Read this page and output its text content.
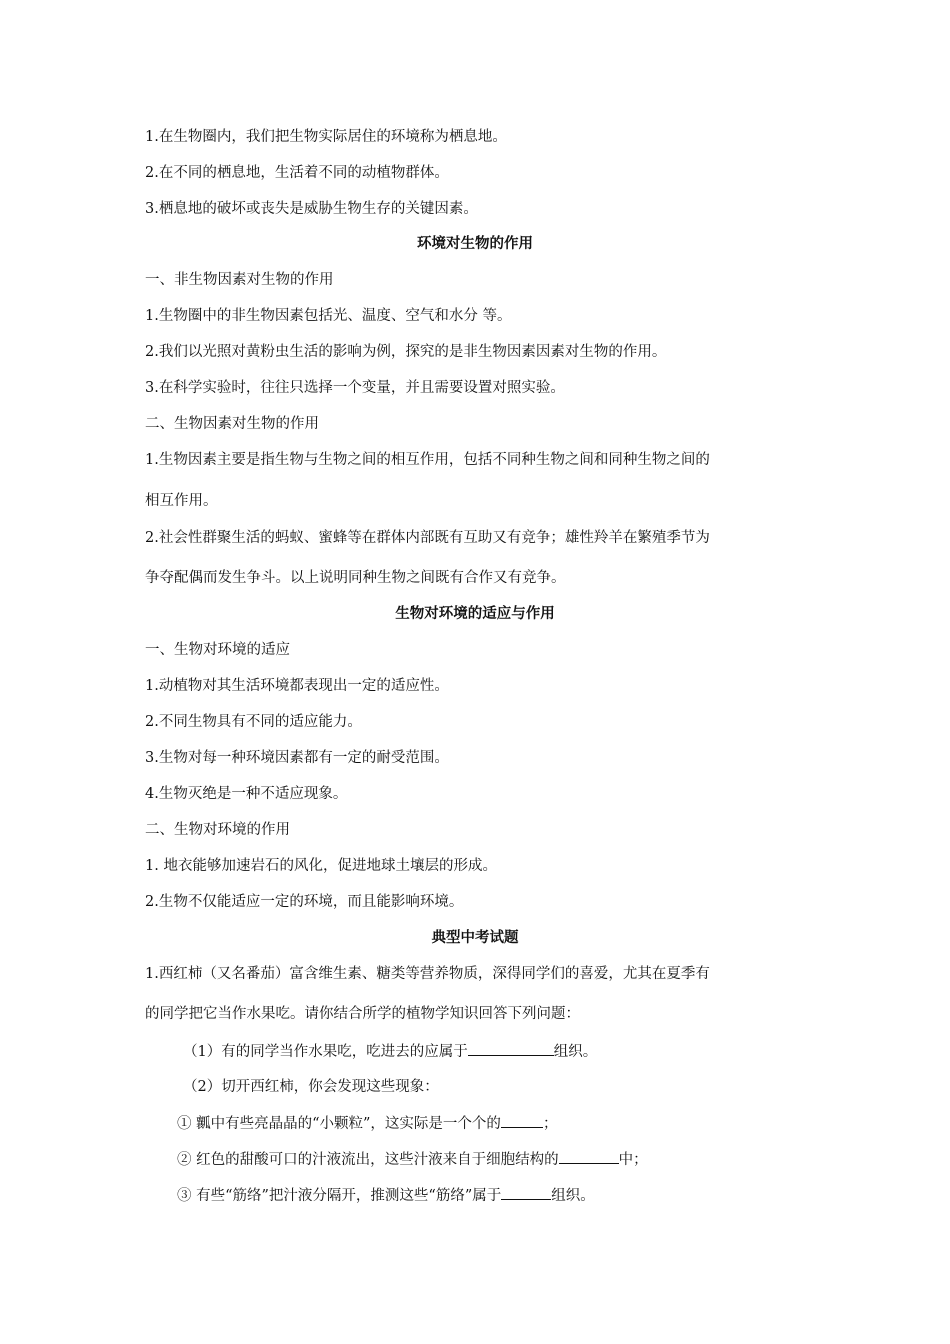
1.在生物圈内，我们把生物实际居住的环境称为栖息地。
2.在不同的栖息地，生活着不同的动植物群体。
3.栖息地的破坏或丧失是威胁生物生存的关键因素。
环境对生物的作用
一、非生物因素对生物的作用
1.生物圈中的非生物因素包括光、温度、空气和水分 等。
2.我们以光照对黄粉虫生活的影响为例，探究的是非生物因素因素对生物的作用。
3.在科学实验时，往往只选择一个变量，并且需要设置对照实验。
二、生物因素对生物的作用
1.生物因素主要是指生物与生物之间的相互作用，包括不同种生物之间和同种生物之间的
相互作用。
2.社会性群聚生活的蚂蚁、蜜蜂等在群体内部既有互助又有竞争；雄性羚羊在繁殖季节为
争夺配偶而发生争斗。以上说明同种生物之间既有合作又有竞争。
生物对环境的适应与作用
一、生物对环境的适应
1.动植物对其生活环境都表现出一定的适应性。
2.不同生物具有不同的适应能力。
3.生物对每一种环境因素都有一定的耐受范围。
4.生物灭绝是一种不适应现象。
二、生物对环境的作用
1. 地衣能够加速岩石的风化，促进地球土壤层的形成。
2.生物不仅能适应一定的环境，而且能影响环境。
典型中考试题
1.西红柿（又名番茄）富含维生素、糖类等营养物质，深得同学们的喜爱，尤其在夏季有
的同学把它当作水果吃。请你结合所学的植物学知识回答下列问题：
（1）有的同学当作水果吃，吃进去的应属于	组织。
（2）切开西红柿，你会发现这些现象：
① 瓤中有些亮晶晶的“小颗粒”，这实际是一个个的	；
② 红色的甜酸可口的汁液流出，这些汁液来自于细胞结构的	中；
③ 有些“筋络”把汁液分隔开，推测这些“筋络”属于	组织。
